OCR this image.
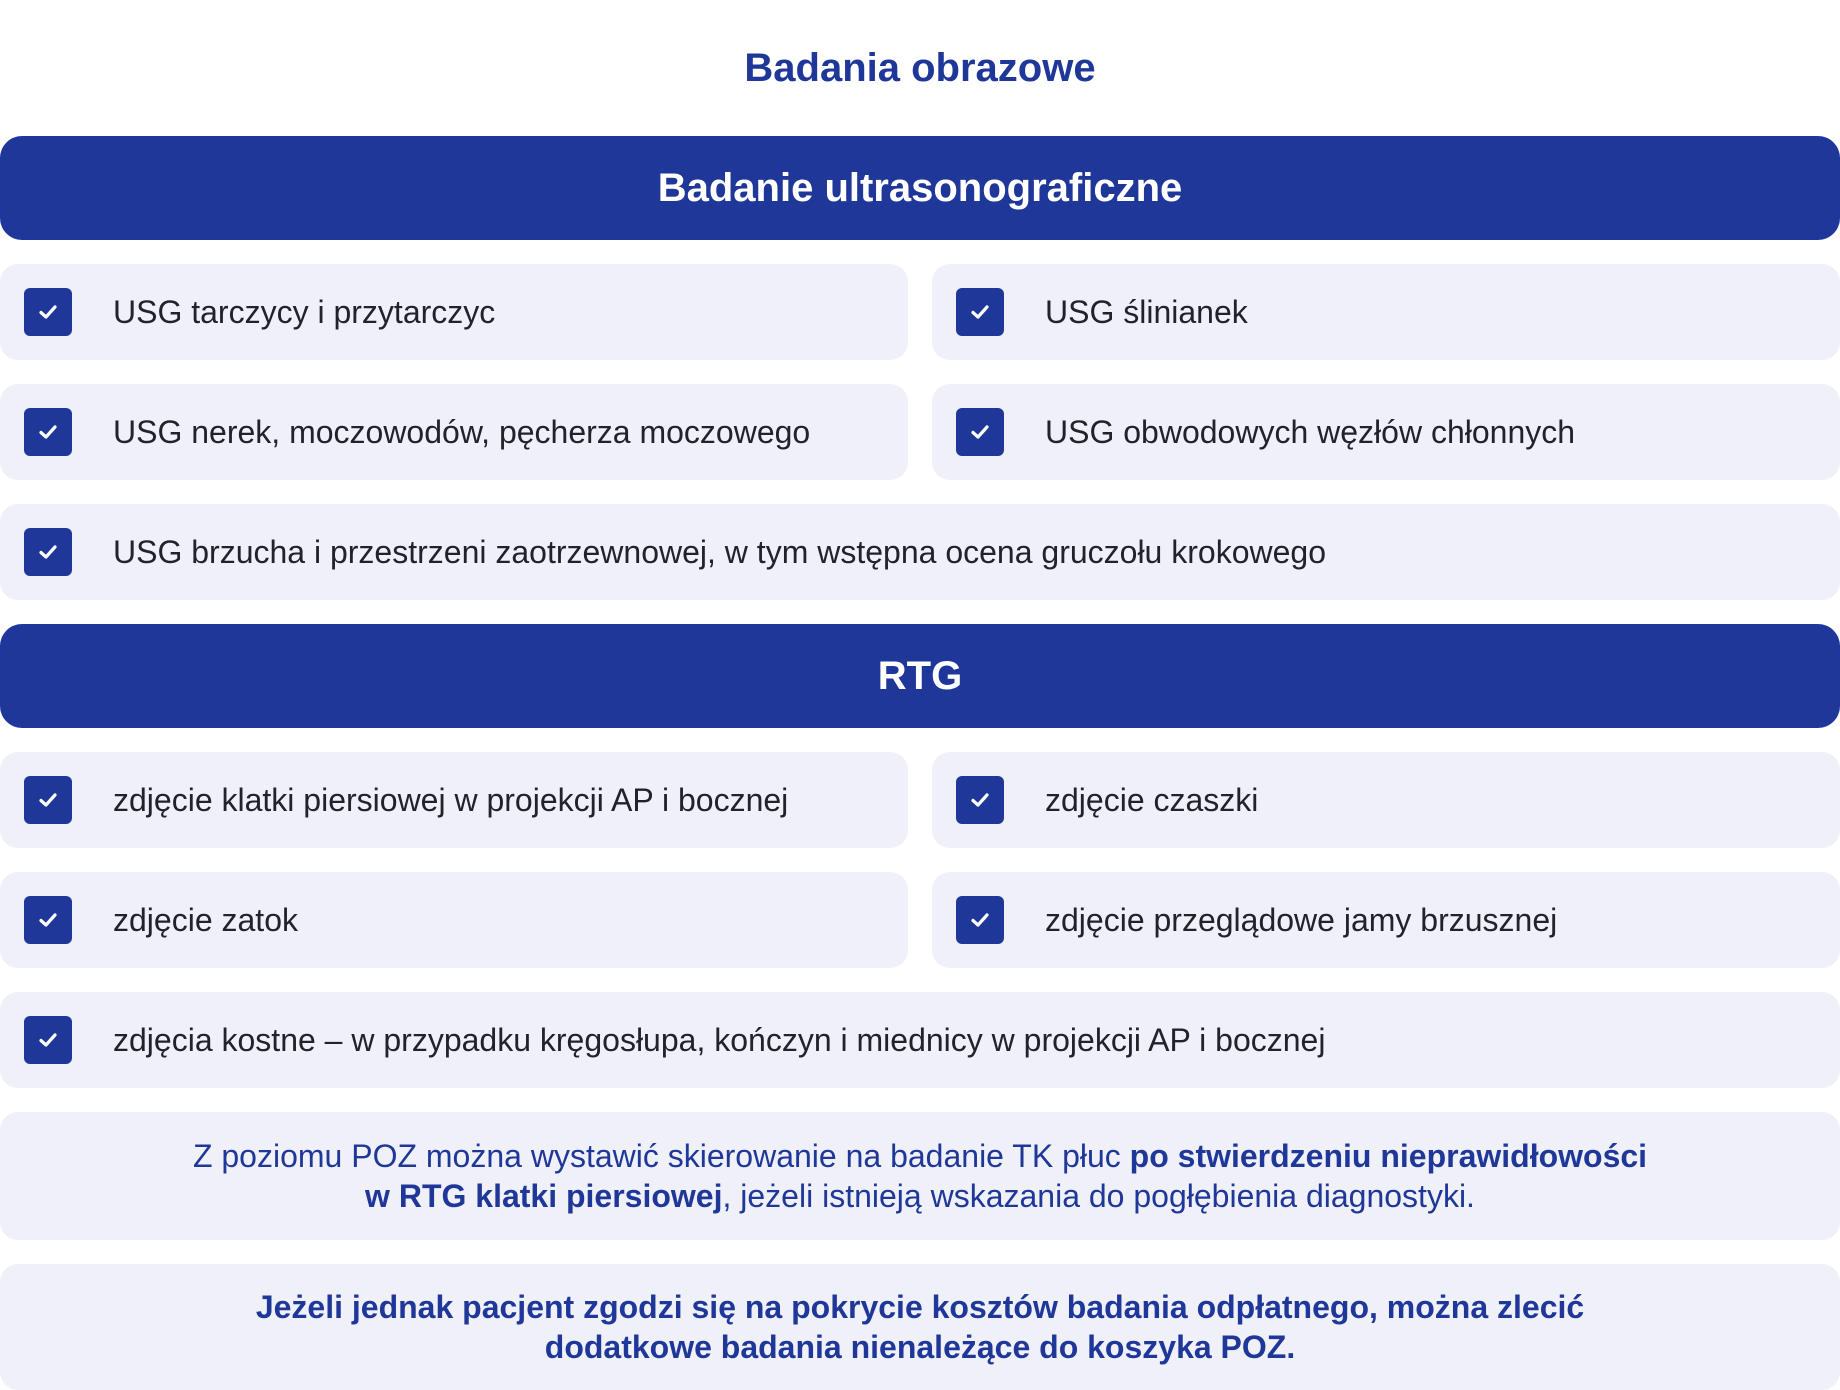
Badania obrazowe
Badanie ultrasonograficzne
USG tarczycy i przytarczyc	USG ślinianek
USG nerek, moczowodów, pęcherza moczowego	USG obwodowych węzłów chłonnych
USG brzucha i przestrzeni zaotrzewnowej, w tym wstępna ocena gruczołu krokowego
RTG
zdjęcie klatki piersiowej w projekcji AP i bocznej	zdjęcie czaszki
zdjęcie zatok	zdjęcie przeglądowe jamy brzusznej
zdjęcia kostne – w przypadku kręgosłupa, kończyn i miednicy w projekcji AP i bocznej
Z poziomu POZ można wystawić skierowanie na badanie TK płuc po stwierdzeniu nieprawidłowości
w RTG klatki piersiowej, jeżeli istnieją wskazania do pogłębienia diagnostyki.
Jeżeli jednak pacjent zgodzi się na pokrycie kosztów badania odpłatnego, można zlecić
dodatkowe badania nienależące do koszyka POZ.
